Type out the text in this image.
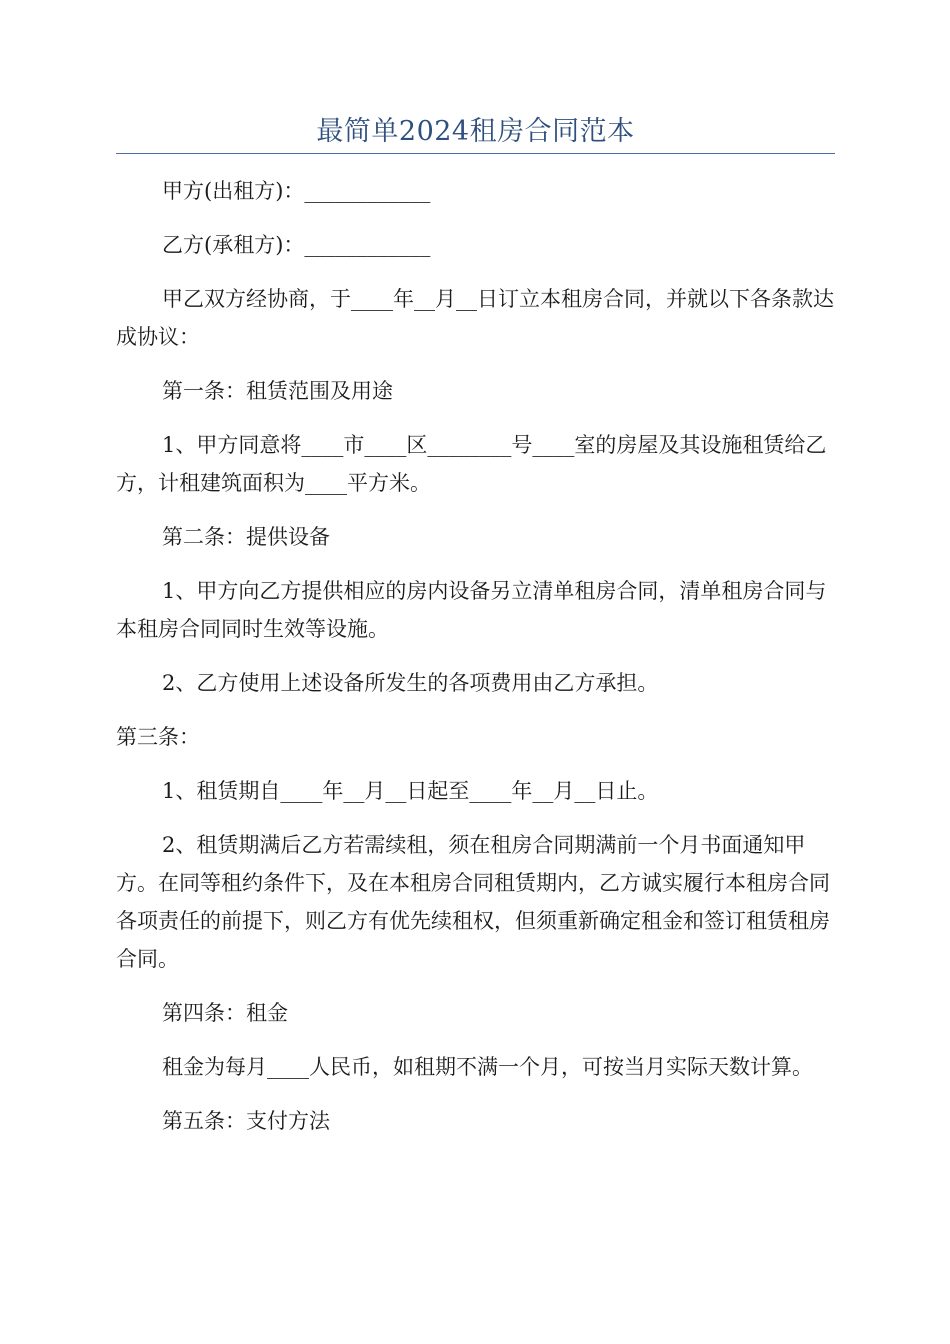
最简单2024租房合同范本

甲方(出租方)：____________

乙方(承租方)：____________

甲乙双方经协商，于____年__月__日订立本租房合同，并就以下各条款达成协议：

第一条：租赁范围及用途

1、甲方同意将____市____区________号____室的房屋及其设施租赁给乙方，计租建筑面积为____平方米。

第二条：提供设备

1、甲方向乙方提供相应的房内设备另立清单租房合同，清单租房合同与本租房合同同时生效等设施。

2、乙方使用上述设备所发生的各项费用由乙方承担。

第三条：

1、租赁期自____年__月__日起至____年__月__日止。

2、租赁期满后乙方若需续租，须在租房合同期满前一个月书面通知甲方。在同等租约条件下，及在本租房合同租赁期内，乙方诚实履行本租房合同各项责任的前提下，则乙方有优先续租权，但须重新确定租金和签订租赁租房合同。

第四条：租金

租金为每月____人民币，如租期不满一个月，可按当月实际天数计算。

第五条：支付方法
